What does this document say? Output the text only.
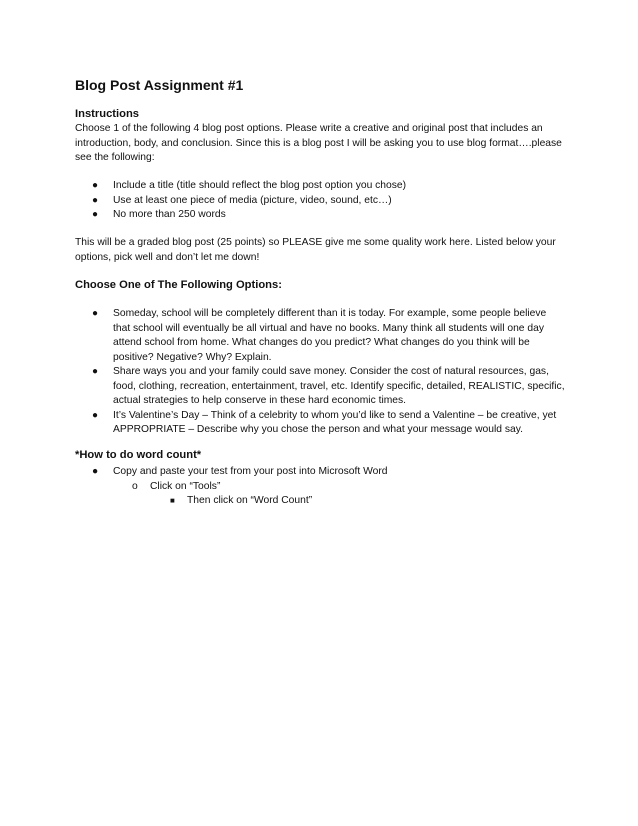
Blog Post Assignment #1
Instructions

Choose 1 of the following 4 blog post options. Please write a creative and original post that includes an introduction, body, and conclusion. Since this is a blog post I will be asking you to use blog format….please see the following:

● Include a title (title should reflect the blog post option you chose)
● Use at least one piece of media (picture, video, sound, etc…)
● No more than 250 words

This will be a graded blog post (25 points) so PLEASE give me some quality work here. Listed below your options, pick well and don’t let me down!

Choose One of The Following Options:
● Someday, school will be completely different than it is today. For example, some people believe that school will eventually be all virtual and have no books. Many think all students will one day attend school from home. What changes do you predict? What changes do you think will be positive? Negative? Why? Explain.
● Share ways you and your family could save money. Consider the cost of natural resources, gas, food, clothing, recreation, entertainment, travel, etc. Identify specific, detailed, REALISTIC, specific, actual strategies to help conserve in these hard economic times.
● It’s Valentine’s Day – Think of a celebrity to whom you’d like to send a Valentine – be creative, yet APPROPRIATE – Describe why you chose the person and what your message would say.
*How to do word count*
● Copy and paste your test from your post into Microsoft Word
o Click on “Tools”
■ Then click on “Word Count”
